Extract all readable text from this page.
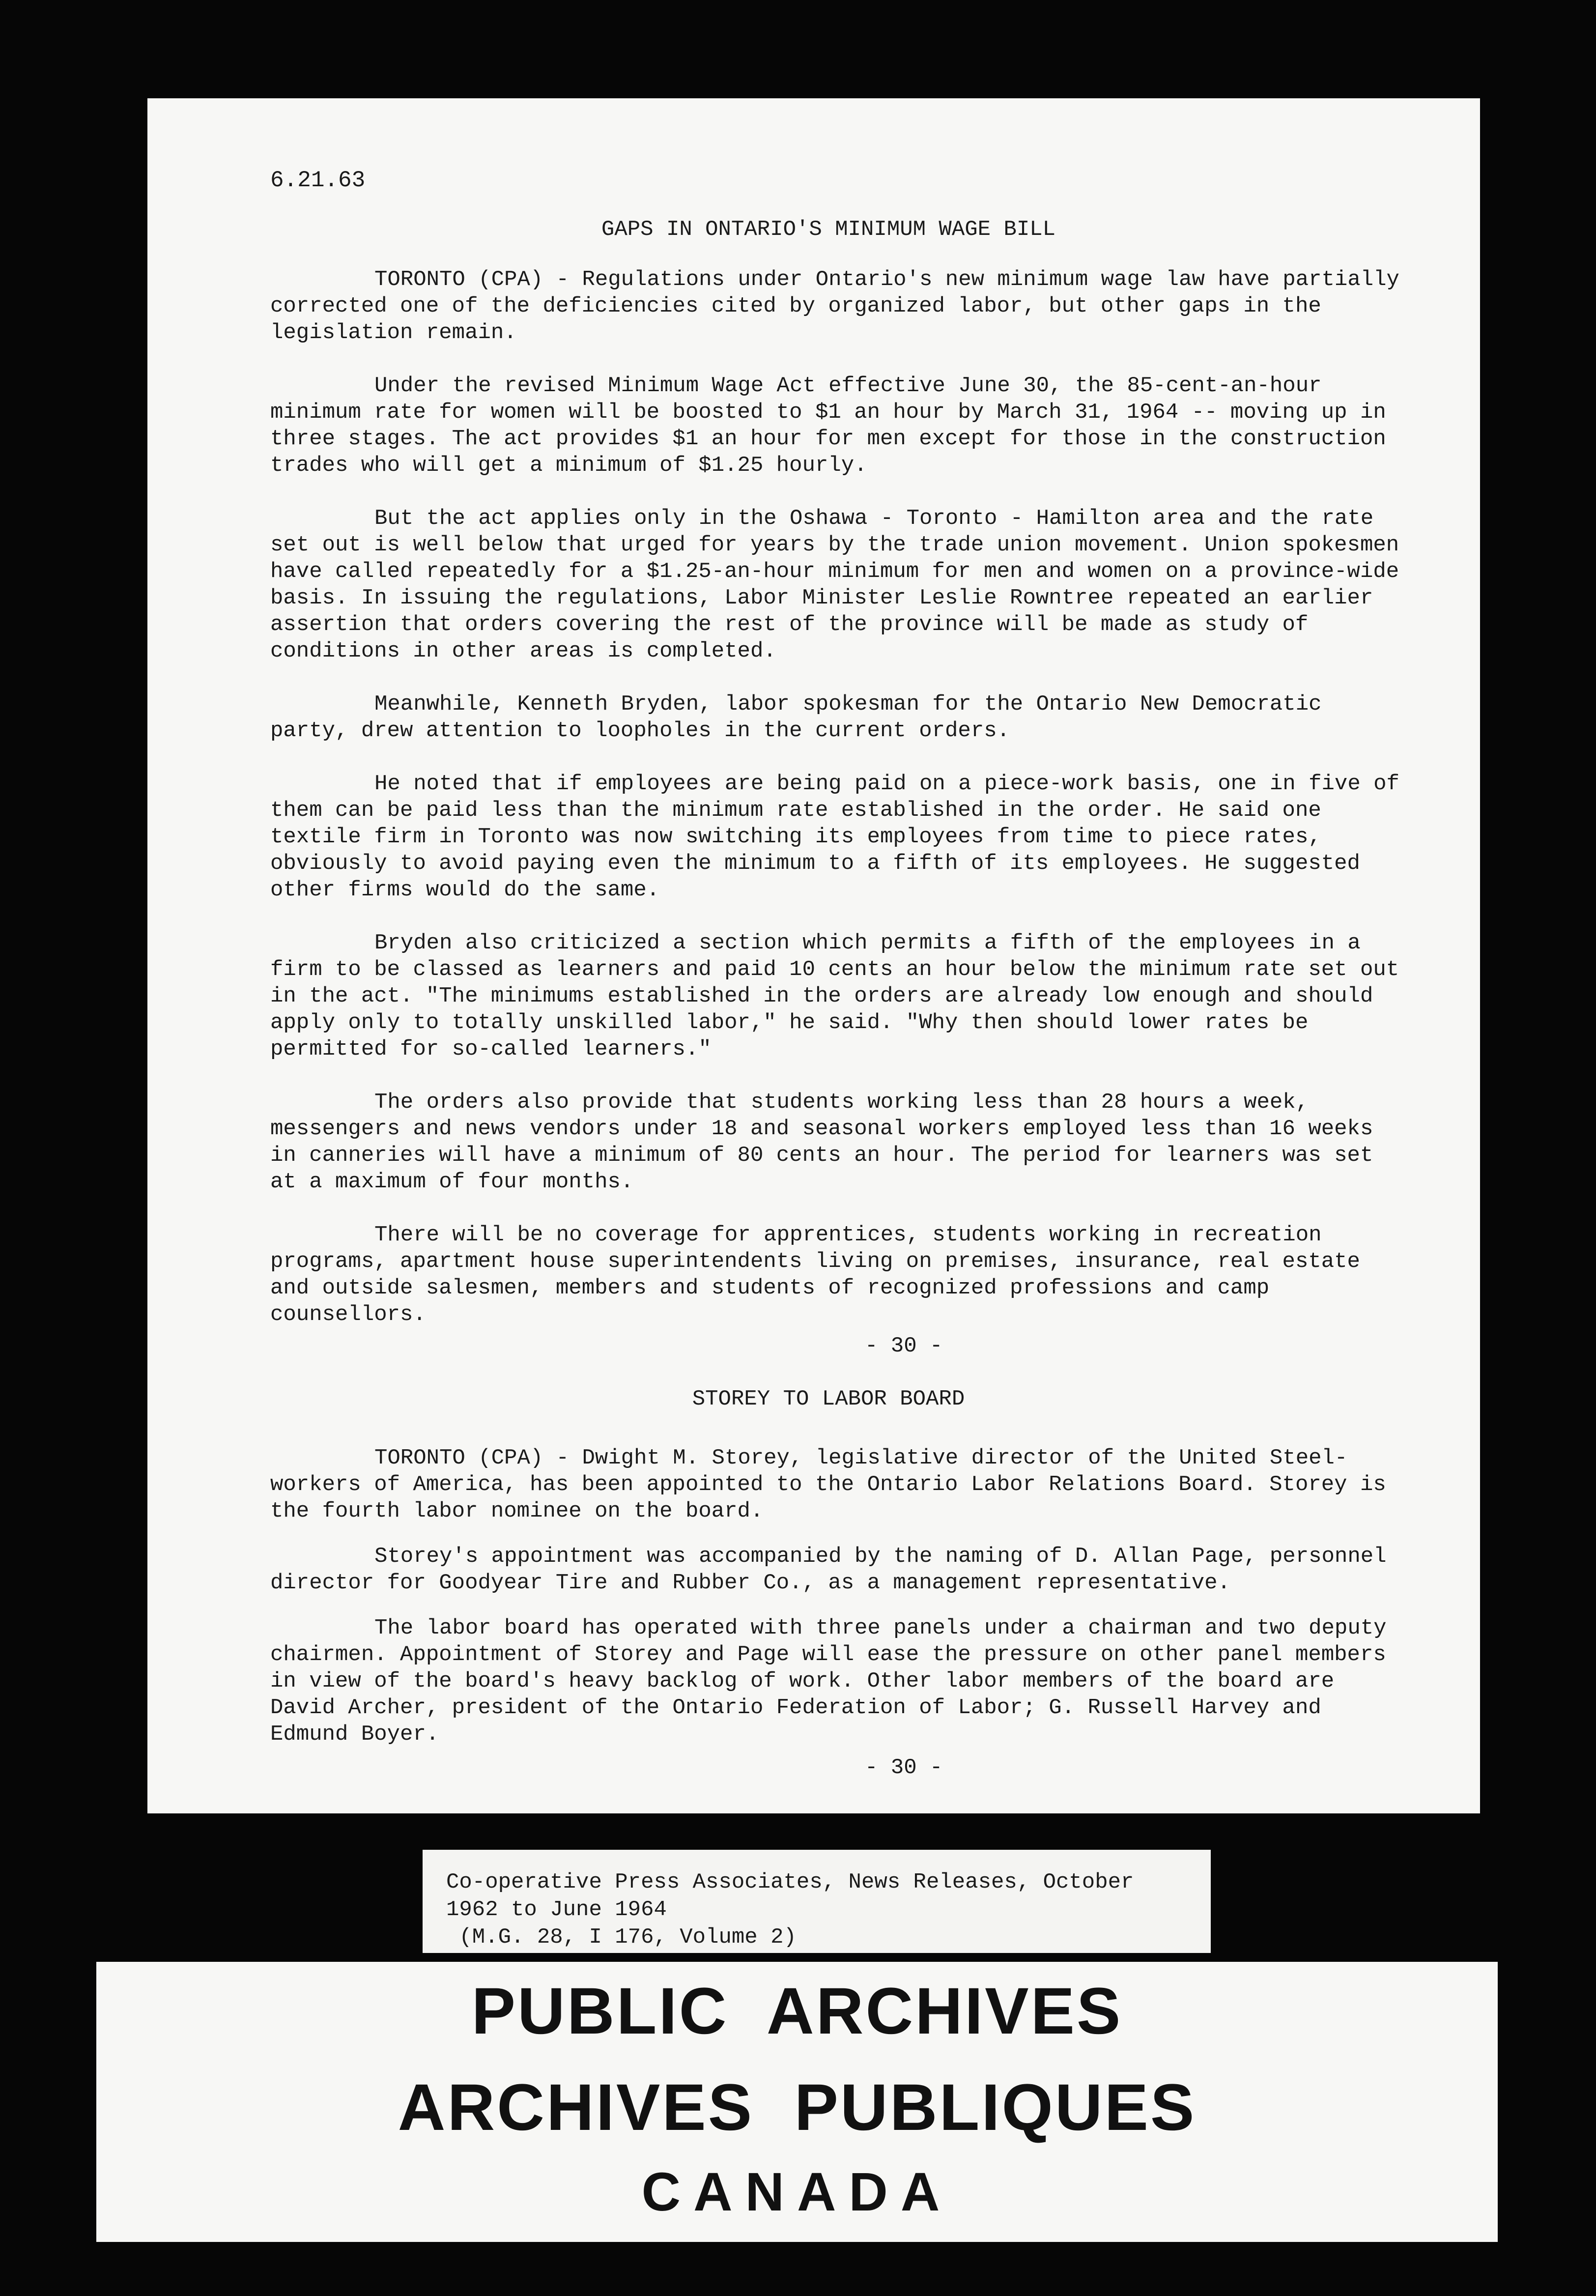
6.21.63

GAPS IN ONTARIO'S MINIMUM WAGE BILL

TORONTO (CPA) - Regulations under Ontario's new minimum wage law have partially corrected one of the deficiencies cited by organized labor, but other gaps in the legislation remain.

Under the revised Minimum Wage Act effective June 30, the 85-cent-an-hour minimum rate for women will be boosted to $1 an hour by March 31, 1964 -- moving up in three stages. The act provides $1 an hour for men except for those in the construction trades who will get a minimum of $1.25 hourly.

But the act applies only in the Oshawa - Toronto - Hamilton area and the rate set out is well below that urged for years by the trade union movement. Union spokesmen have called repeatedly for a $1.25-an-hour minimum for men and women on a province-wide basis. In issuing the regulations, Labor Minister Leslie Rowntree repeated an earlier assertion that orders covering the rest of the province will be made as study of conditions in other areas is completed.

Meanwhile, Kenneth Bryden, labor spokesman for the Ontario New Democratic party, drew attention to loopholes in the current orders.

He noted that if employees are being paid on a piece-work basis, one in five of them can be paid less than the minimum rate established in the order. He said one textile firm in Toronto was now switching its employees from time to piece rates, obviously to avoid paying even the minimum to a fifth of its employees. He suggested other firms would do the same.

Bryden also criticized a section which permits a fifth of the employees in a firm to be classed as learners and paid 10 cents an hour below the minimum rate set out in the act. "The minimums established in the orders are already low enough and should apply only to totally unskilled labor," he said. "Why then should lower rates be permitted for so-called learners."

The orders also provide that students working less than 28 hours a week, messengers and news vendors under 18 and seasonal workers employed less than 16 weeks in canneries will have a minimum of 80 cents an hour. The period for learners was set at a maximum of four months.

There will be no coverage for apprentices, students working in recreation programs, apartment house superintendents living on premises, insurance, real estate and outside salesmen, members and students of recognized professions and camp counsellors.

- 30 -

STOREY TO LABOR BOARD

TORONTO (CPA) - Dwight M. Storey, legislative director of the United Steel-workers of America, has been appointed to the Ontario Labor Relations Board. Storey is the fourth labor nominee on the board.

Storey's appointment was accompanied by the naming of D. Allan Page, personnel director for Goodyear Tire and Rubber Co., as a management representative.

The labor board has operated with three panels under a chairman and two deputy chairmen. Appointment of Storey and Page will ease the pressure on other panel members in view of the board's heavy backlog of work. Other labor members of the board are David Archer, president of the Ontario Federation of Labor; G. Russell Harvey and Edmund Boyer.

- 30 -

Co-operative Press Associates, News Releases, October
1962 to June 1964
(M.G. 28, I 176, Volume 2)

PUBLIC  ARCHIVES

ARCHIVES  PUBLIQUES

CANADA
